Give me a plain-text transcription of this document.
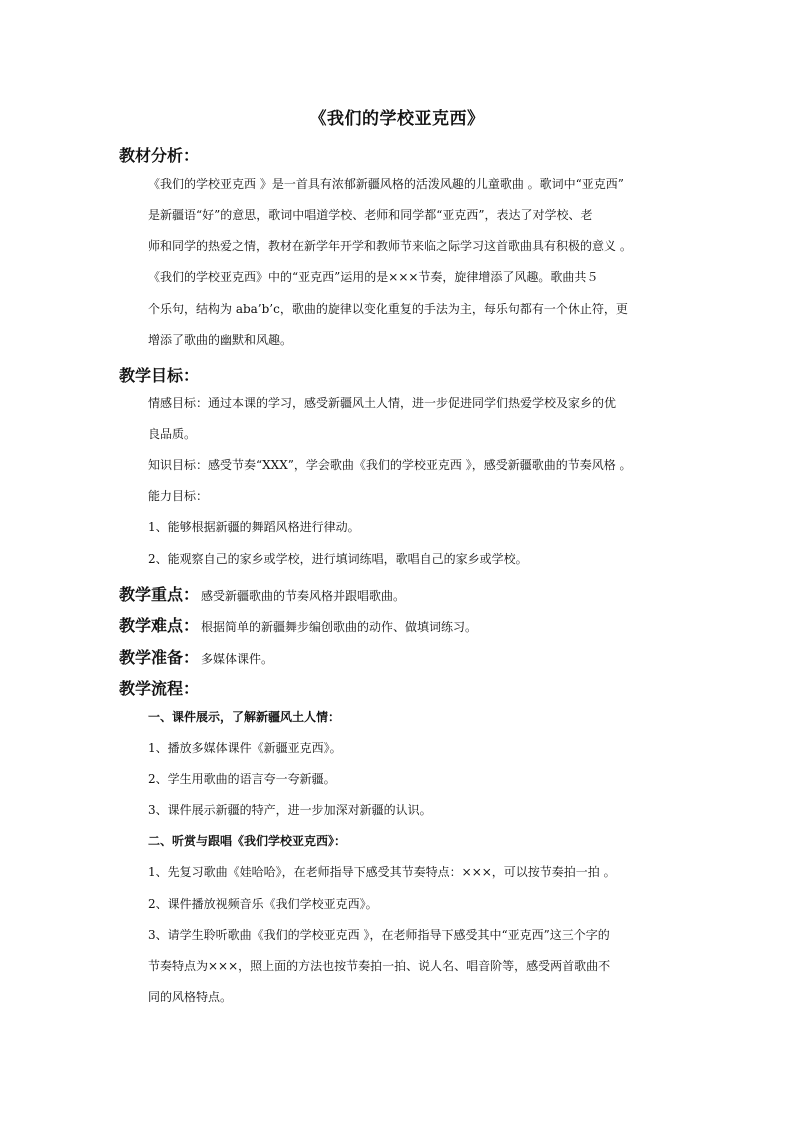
《我们的学校亚克西》
教材分析：
《我们的学校亚克西 》是一首具有浓郁新疆风格的活泼风趣的儿童歌曲 。歌词中“亚克西”
是新疆语“好”的意思，歌词中唱道学校、老师和同学都“亚克西”，表达了对学校、老
师和同学的热爱之情，教材在新学年开学和教师节来临之际学习这首歌曲具有积极的意义 。
《我们的学校亚克西》中的“亚克西”运用的是×××节奏，旋律增添了风趣。歌曲共５
个乐句，结构为 aba’b’c，歌曲的旋律以变化重复的手法为主，每乐句都有一个休止符，更
增添了歌曲的幽默和风趣。
教学目标：
情感目标：通过本课的学习，感受新疆风土人情，进一步促进同学们热爱学校及家乡的优
良品质。
知识目标：感受节奏“XXX”，学会歌曲《我们的学校亚克西 》，感受新疆歌曲的节奏风格 。
能力目标：
1、能够根据新疆的舞蹈风格进行律动。
2、能观察自己的家乡或学校，进行填词练唱，歌唱自己的家乡或学校。
教学重点： 感受新疆歌曲的节奏风格并跟唱歌曲。
教学难点： 根据简单的新疆舞步编创歌曲的动作、做填词练习。
教学准备： 多媒体课件。
教学流程：
一、课件展示，了解新疆风土人情：
1、播放多媒体课件《新疆亚克西》。
2、学生用歌曲的语言夸一夸新疆。
3、课件展示新疆的特产，进一步加深对新疆的认识。
二、听赏与跟唱《我们学校亚克西》：
1、先复习歌曲《娃哈哈》，在老师指导下感受其节奏特点：×××，可以按节奏拍一拍 。
2、课件播放视频音乐《我们学校亚克西》。
3、请学生聆听歌曲《我们的学校亚克西 》，在老师指导下感受其中“亚克西”这三个字的
节奏特点为×××，照上面的方法也按节奏拍一拍、说人名、唱音阶等，感受两首歌曲不
同的风格特点。
